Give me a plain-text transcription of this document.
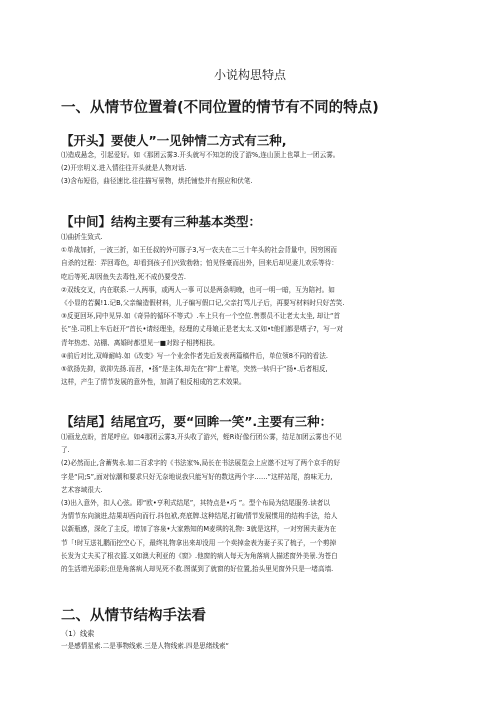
小说构思特点
一、从情节位置着(不同位置的情节有不同的特点)
【开头】要使人”一见钟情二方式有三种,
⑴造成悬念，引起爱好。如《那团云雾3.开头就写不知怎的没了游%,连山顶上也罩上一团云雾。
(2)开宗明义.进入情往往开头就是人物对话.
(3)含布短俗，曲径速比.往往描写景物，烘托铺垫并有照应和伏笔.
【中间】结构主要有三种基本类型：
⑴曲折生致式.
①单战加折，一波三折，如王任叔的外可豚子3,写一农夫在二三十年头的社会背量中，因穷困而
自杀的过程：弄回毒色，却看到孩子们兴致勃勃；怕见怪豪而出外，回来后却见妻儿欢乐等待：
吃后等死,却因鱼失去毒性,死不成仍要受苦.
②双线交叉，内在联系.一人两事，或两人一事 可以是两条明晚，也可一明一暗，互为陪衬。如
《小显的若翼!1.记B,父亲编造假材料，儿子编写假口记,父亲打骂儿子后，再要写材料时只好苦笑.
③反更回环,同中见异.如《奇异的循环不等式》.车上只有一个空位.售票员不让老太太坐, 却让“首
长”坐.司机上车后赶开“首长•请经理坐，经理的丈母娘正是老太太.又如•t他们都是嗜子?，写一对
青年热恋、站棚、离婚时都望见一■对踪子相拷相扶。
④前后对比,双峰耐峙.如《改变》写一个业余作者先后发表两篇稿件后，单位领8不同的看法.
⑤欲扬先抑，欲抑先扬.而苕，•扬”是主体,却先在”抑“上着笔，突然一转归于”扬•.后者相反,
这样，产生了情节发展的意外性，加满了相反相成的艺术效果。
【结尾】结尾宜巧，要“回眸一笑”.主要有三种：
⑴画龙点盼，首尾呼应。如4那团云雾3,开头收了游兴，蛭Ri好像行团公雾，结足加团云雾也不见
了.
(2)必然而止,含蓄隽永.如二百求字的《书法家%,局长在书法展览会上应邀不过写了两个京手的好
字是“同;S”,面对惊潮和要求只好无奈地说我只能写好的数这两个字……”这样站尾，韵味无力,
艺术容域很大.
(3)出入意外，扣人心弦。即“欧•亨利式结尾”，其特点是•巧 ”。型个布局为结尾服务.读者以
为情节东向演进,结果却西向而行.抖包袱,亮底牌.这种结尾,打破/情节发展惯用的结构手法，给人
以新瓶感，深化了主反，增加了容泉•大家熟知的M麦琪的礼物: 3就是这样，一对穷困夫妻为在
节「!时互送礼鹏而挖空心下，最终礼物拿出来却没用 一个卖掉金表为妻子买了梳子，一个剪掉
长发为丈夫买了根衣篮.又如澳大利亚的《窗》.他窗的病人每天为角落病人描述窗外美景.为苍白
的生活增光添彩;但是角落病人却见死不救.图谋到了就窗的好位置,抬头里见窗外只是一堵高墙.
二、从情节结构手法看
（1）线索
一是感情星索.二是事物线索.三是人物线索.四是思绪线索“
